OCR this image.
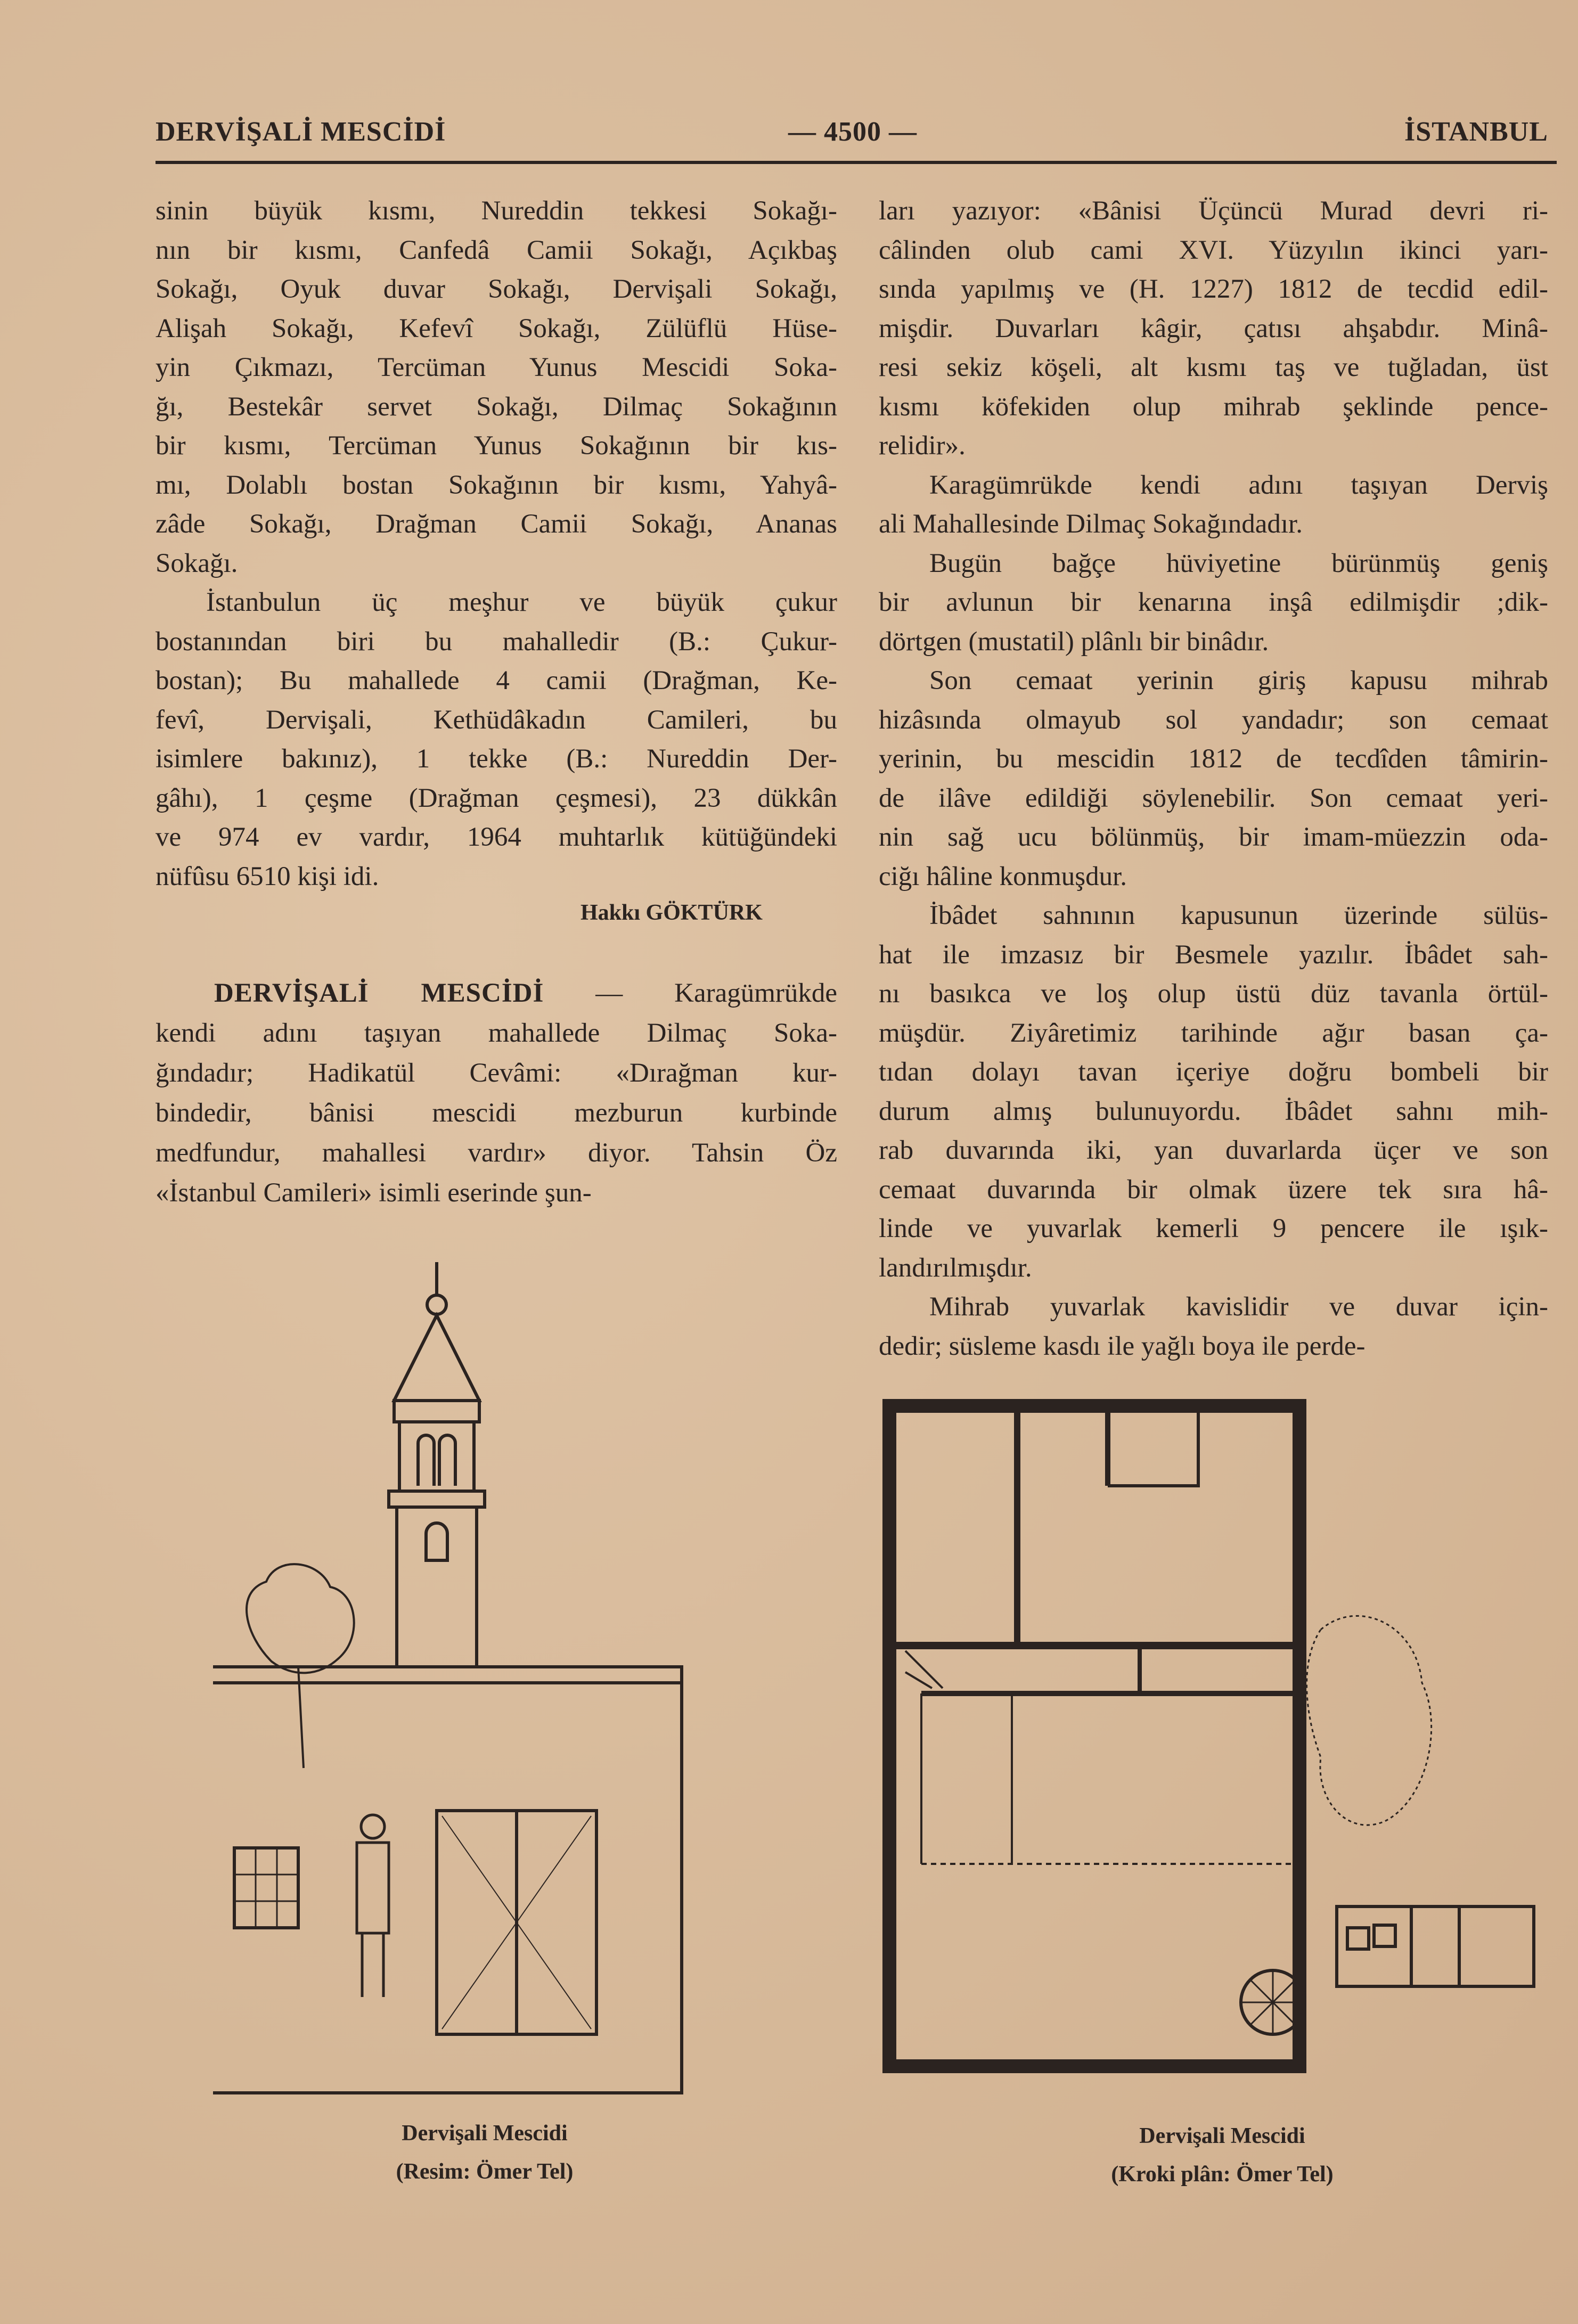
DERVİŞALİ MESCİDİ	— 4500 —	İSTANBUL
sinin büyük kısmı, Nureddin tekkesi Sokağı-
nın bir kısmı, Canfedâ Camii Sokağı, Açıkbaş
Sokağı, Oyuk duvar Sokağı, Dervişali Sokağı,
Alişah Sokağı, Kefevî Sokağı, Zülüflü Hüse-
yin Çıkmazı, Tercüman Yunus Mescidi Soka-
ğı, Bestekâr servet Sokağı, Dilmaç Sokağının
bir kısmı, Tercüman Yunus Sokağının bir kıs-
mı, Dolablı bostan Sokağının bir kısmı, Yahyâ-
zâde Sokağı, Drağman Camii Sokağı, Ananas
Sokağı.
İstanbulun üç meşhur ve büyük çukur
bostanından biri bu mahalledir (B.: Çukur-
bostan); Bu mahallede 4 camii (Drağman, Ke-
fevî, Dervişali, Kethüdâkadın Camileri, bu
isimlere bakınız), 1 tekke (B.: Nureddin Der-
gâhı), 1 çeşme (Drağman çeşmesi), 23 dükkân
ve 974 ev vardır, 1964 muhtarlık kütüğündeki
nüfûsu 6510 kişi idi.
Hakkı GÖKTÜRK
DERVİŞALİ MESCİDİ — Karagümrükde
kendi adını taşıyan mahallede Dilmaç Soka-
ğındadır; Hadikatül Cevâmi: «Dırağman kur-
bindedir, bânisi mescidi mezburun kurbinde
medfundur, mahallesi vardır» diyor. Tahsin Öz
«İstanbul Camileri» isimli eserinde şun-
ları yazıyor: «Bânisi Üçüncü Murad devri ri-
câlinden olub cami XVI. Yüzyılın ikinci yarı-
sında yapılmış ve (H. 1227) 1812 de tecdid edil-
mişdir. Duvarları kâgir, çatısı ahşabdır. Minâ-
resi sekiz köşeli, alt kısmı taş ve tuğladan, üst
kısmı köfekiden olup mihrab şeklinde pence-
relidir».
Karagümrükde kendi adını taşıyan Derviş
ali Mahallesinde Dilmaç Sokağındadır.
Bugün bağçe hüviyetine bürünmüş geniş
bir avlunun bir kenarına inşâ edilmişdir ;dik-
dörtgen (mustatil) plânlı bir binâdır.
Son cemaat yerinin giriş kapusu mihrab
hizâsında olmayub sol yandadır; son cemaat
yerinin, bu mescidin 1812 de tecdîden tâmirin-
de ilâve edildiği söylenebilir. Son cemaat yeri-
nin sağ ucu bölünmüş, bir imam-müezzin oda-
ciğı hâline konmuşdur.
İbâdet sahnının kapusunun üzerinde sülüs-
hat ile imzasız bir Besmele yazılır. İbâdet sah-
nı basıkca ve loş olup üstü düz tavanla örtül-
müşdür. Ziyâretimiz tarihinde ağır basan ça-
tıdan dolayı tavan içeriye doğru bombeli bir
durum almış bulunuyordu. İbâdet sahnı mih-
rab duvarında iki, yan duvarlarda üçer ve son
cemaat duvarında bir olmak üzere tek sıra hâ-
linde ve yuvarlak kemerli 9 pencere ile ışık-
landırılmışdır.
Mihrab yuvarlak kavislidir ve duvar için-
dedir; süsleme kasdı ile yağlı boya ile perde-
Dervişali Mescidi
(Resim: Ömer Tel)
Dervişali Mescidi
(Kroki plân: Ömer Tel)
